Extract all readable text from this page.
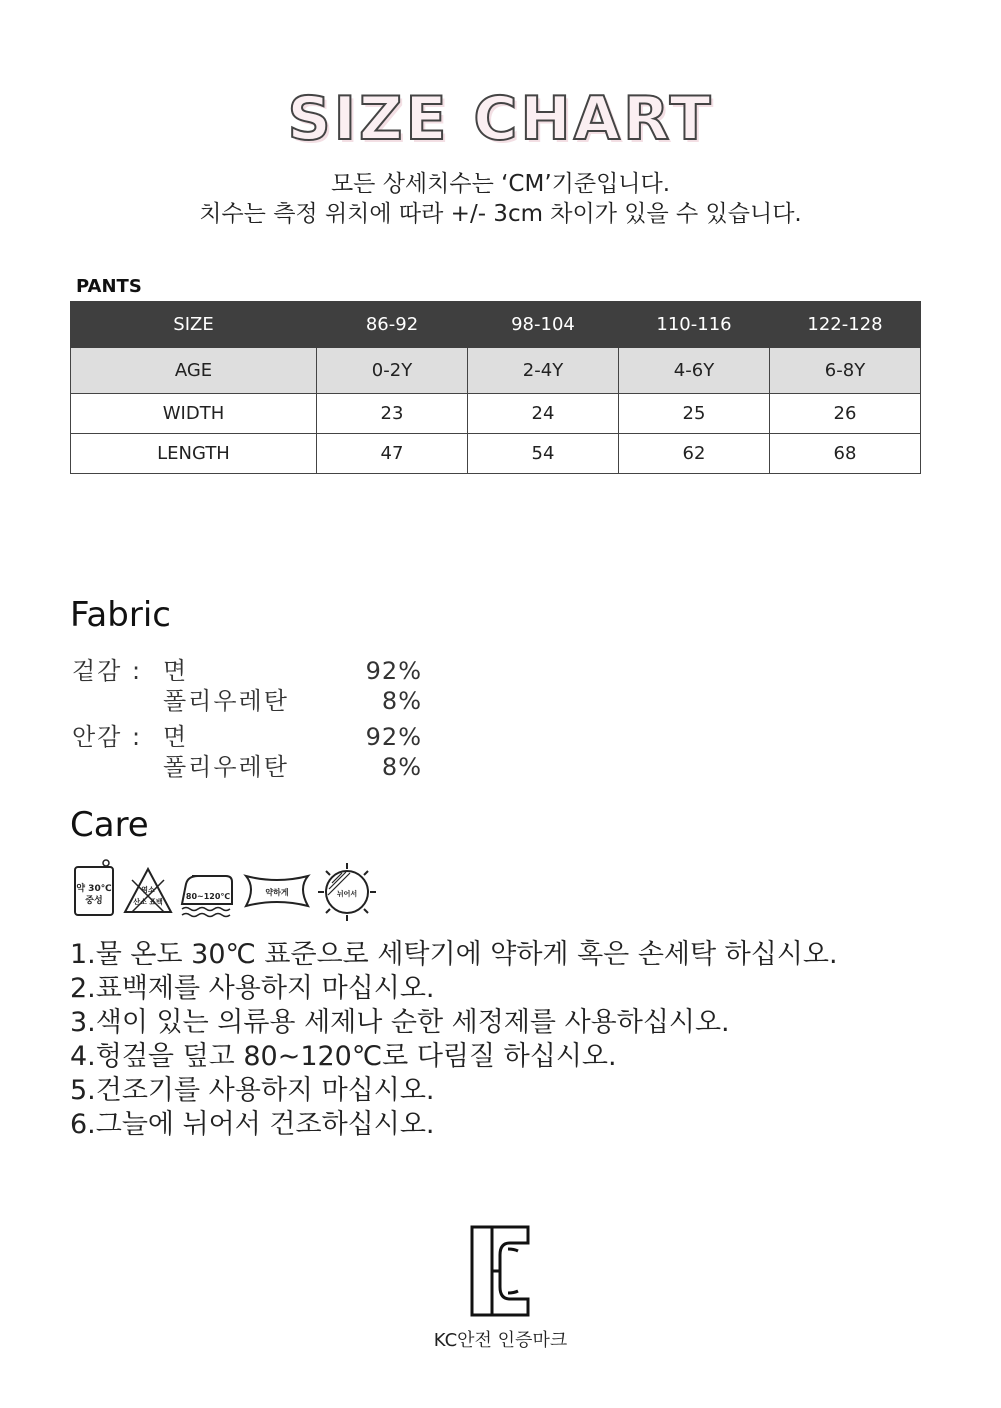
SIZE CHART
모든 상세치수는 ‘CM’기준입니다.
치수는 측정 위치에 따라 +/- 3cm 차이가 있을 수 있습니다.
PANTS
SIZE	86-92	98-104	110-116	122-128
AGE	0-2Y	2-4Y	4-6Y	6-8Y
WIDTH	23	24	25	26
LENGTH	47	54	62	68
Fabric
겉감 : 면	92%
폴리우레탄	8%
안감 : 면	92%
폴리우레탄	8%
Care
약 30℃
중성
염소
산소 표백
80~120℃	약하게	뉘어서
1.물 온도 30℃ 표준으로 세탁기에 약하게 혹은 손세탁 하십시오.
2.표백제를 사용하지 마십시오.
3.색이 있는 의류용 세제나 순한 세정제를 사용하십시오.
4.헝겊을 덮고 80~120℃로 다림질 하십시오.
5.건조기를 사용하지 마십시오.
6.그늘에 뉘어서 건조하십시오.
KC안전 인증마크
